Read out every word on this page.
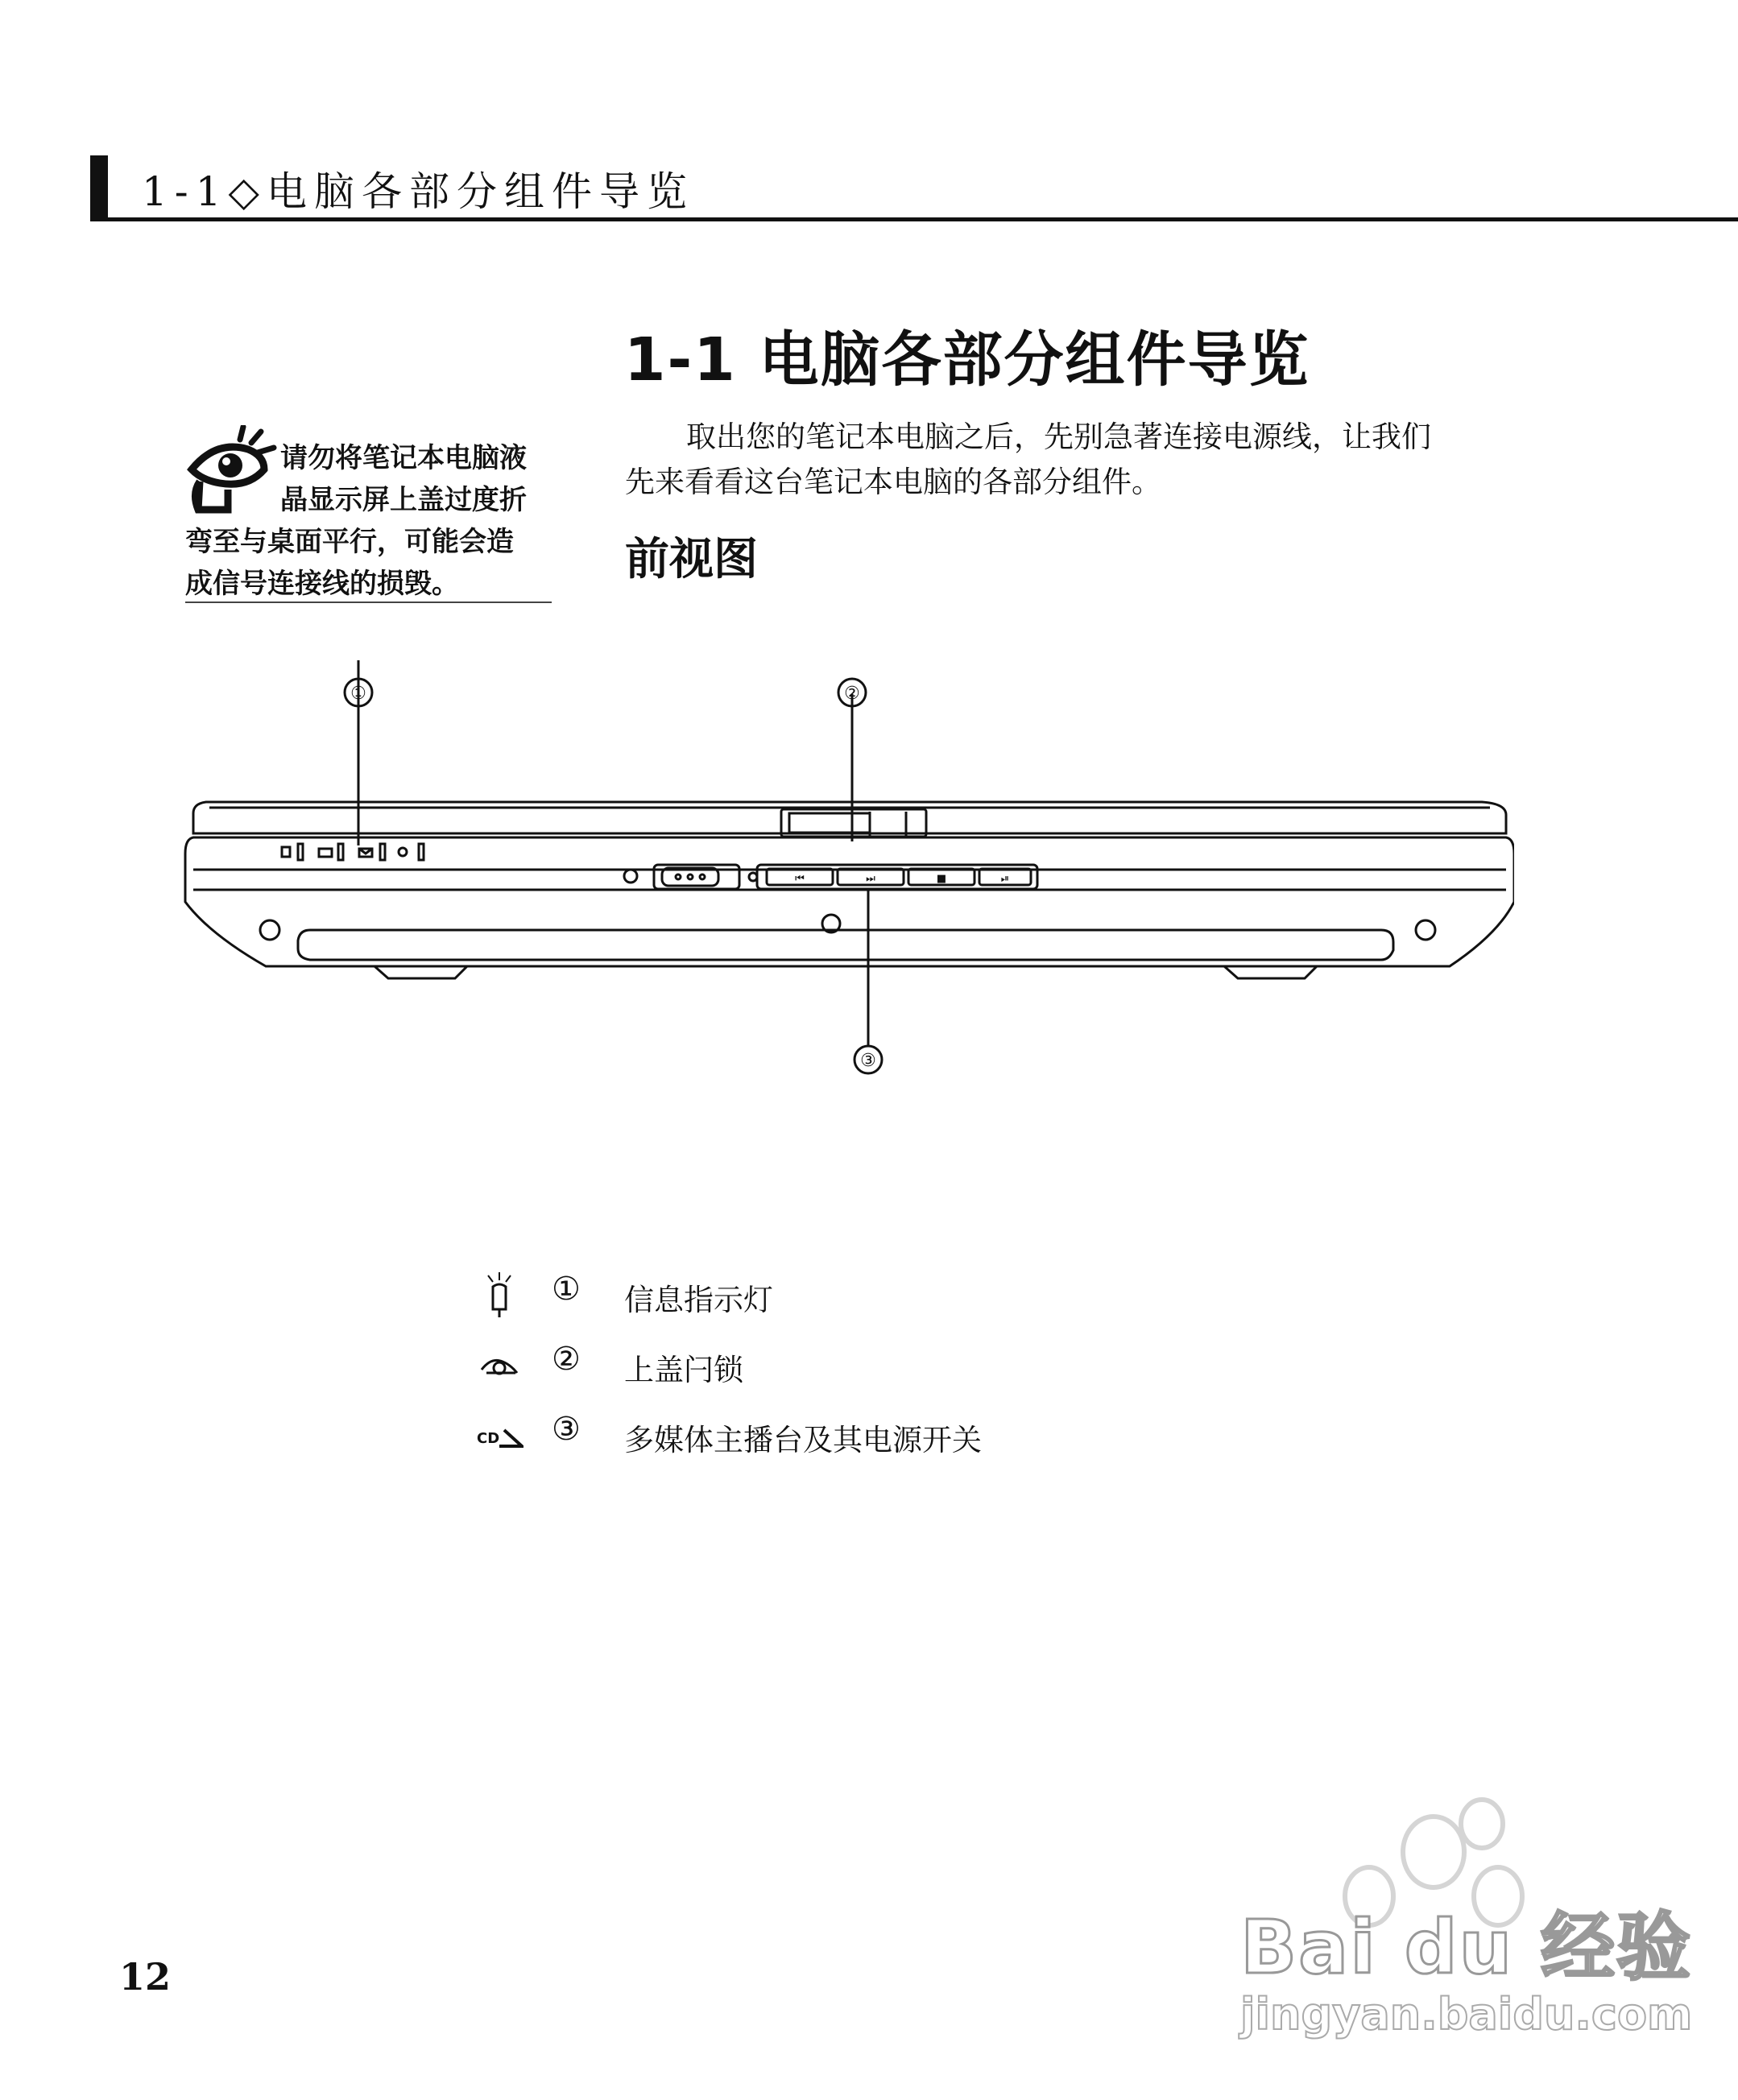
1-1◇电脑各部分组件导览
1-1 电脑各部分组件导览

取出您的笔记本电脑之后，先别急著连接电源线，让我们

先来看看这台笔记本电脑的各部分组件。

前视图
请勿将笔记本电脑液
晶显示屏上盖过度折
弯至与桌面平行，可能会造
成信号连接线的损毁。
①	②
③
⏮	⏭	■	⏯
① 信息指示灯
② 上盖闩锁
CD ③ 多媒体主播台及其电源开关
12	Bai du 经验
jingyan.baidu.com
